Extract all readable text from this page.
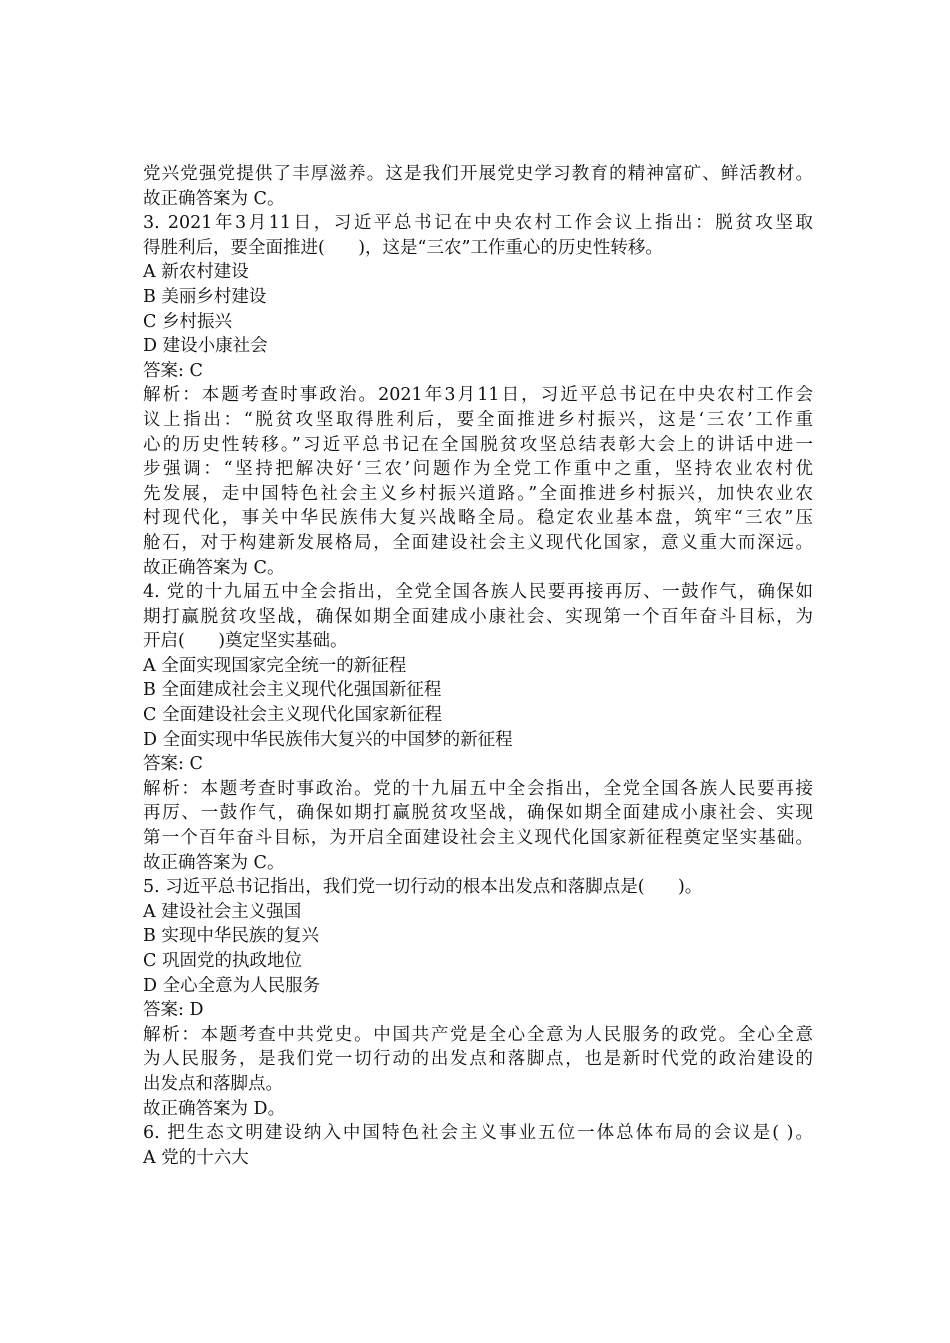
党兴党强党提供了丰厚滋养。这是我们开展党史学习教育的精神富矿、鲜活教材。
故正确答案为 C。
3. 2021年3月11日，习近平总书记在中央农村工作会议上指出：脱贫攻坚取
得胜利后，要全面推进(      )，这是“三农”工作重心的历史性转移。
A 新农村建设
B 美丽乡村建设
C 乡村振兴
D 建设小康社会
答案: C
解析：本题考查时事政治。2021年3月11日，习近平总书记在中央农村工作会
议上指出：“脱贫攻坚取得胜利后，要全面推进乡村振兴，这是‘三农’工作重
心的历史性转移。”习近平总书记在全国脱贫攻坚总结表彰大会上的讲话中进一
步强调：“坚持把解决好‘三农’问题作为全党工作重中之重，坚持农业农村优
先发展，走中国特色社会主义乡村振兴道路。”全面推进乡村振兴，加快农业农
村现代化，事关中华民族伟大复兴战略全局。稳定农业基本盘，筑牢“三农”压
舱石，对于构建新发展格局，全面建设社会主义现代化国家，意义重大而深远。
故正确答案为 C。
4. 党的十九届五中全会指出，全党全国各族人民要再接再厉、一鼓作气，确保如
期打赢脱贫攻坚战，确保如期全面建成小康社会、实现第一个百年奋斗目标，为
开启(      )奠定坚实基础。
A 全面实现国家完全统一的新征程
B 全面建成社会主义现代化强国新征程
C 全面建设社会主义现代化国家新征程
D 全面实现中华民族伟大复兴的中国梦的新征程
答案: C
解析：本题考查时事政治。党的十九届五中全会指出，全党全国各族人民要再接
再厉、一鼓作气，确保如期打赢脱贫攻坚战，确保如期全面建成小康社会、实现
第一个百年奋斗目标，为开启全面建设社会主义现代化国家新征程奠定坚实基础。
故正确答案为 C。
5. 习近平总书记指出，我们党一切行动的根本出发点和落脚点是(      )。
A 建设社会主义强国
B 实现中华民族的复兴
C 巩固党的执政地位
D 全心全意为人民服务
答案: D
解析：本题考查中共党史。中国共产党是全心全意为人民服务的政党。全心全意
为人民服务，是我们党一切行动的出发点和落脚点，也是新时代党的政治建设的
出发点和落脚点。
故正确答案为 D。
6. 把生态文明建设纳入中国特色社会主义事业五位一体总体布局的会议是( )。
A 党的十六大
